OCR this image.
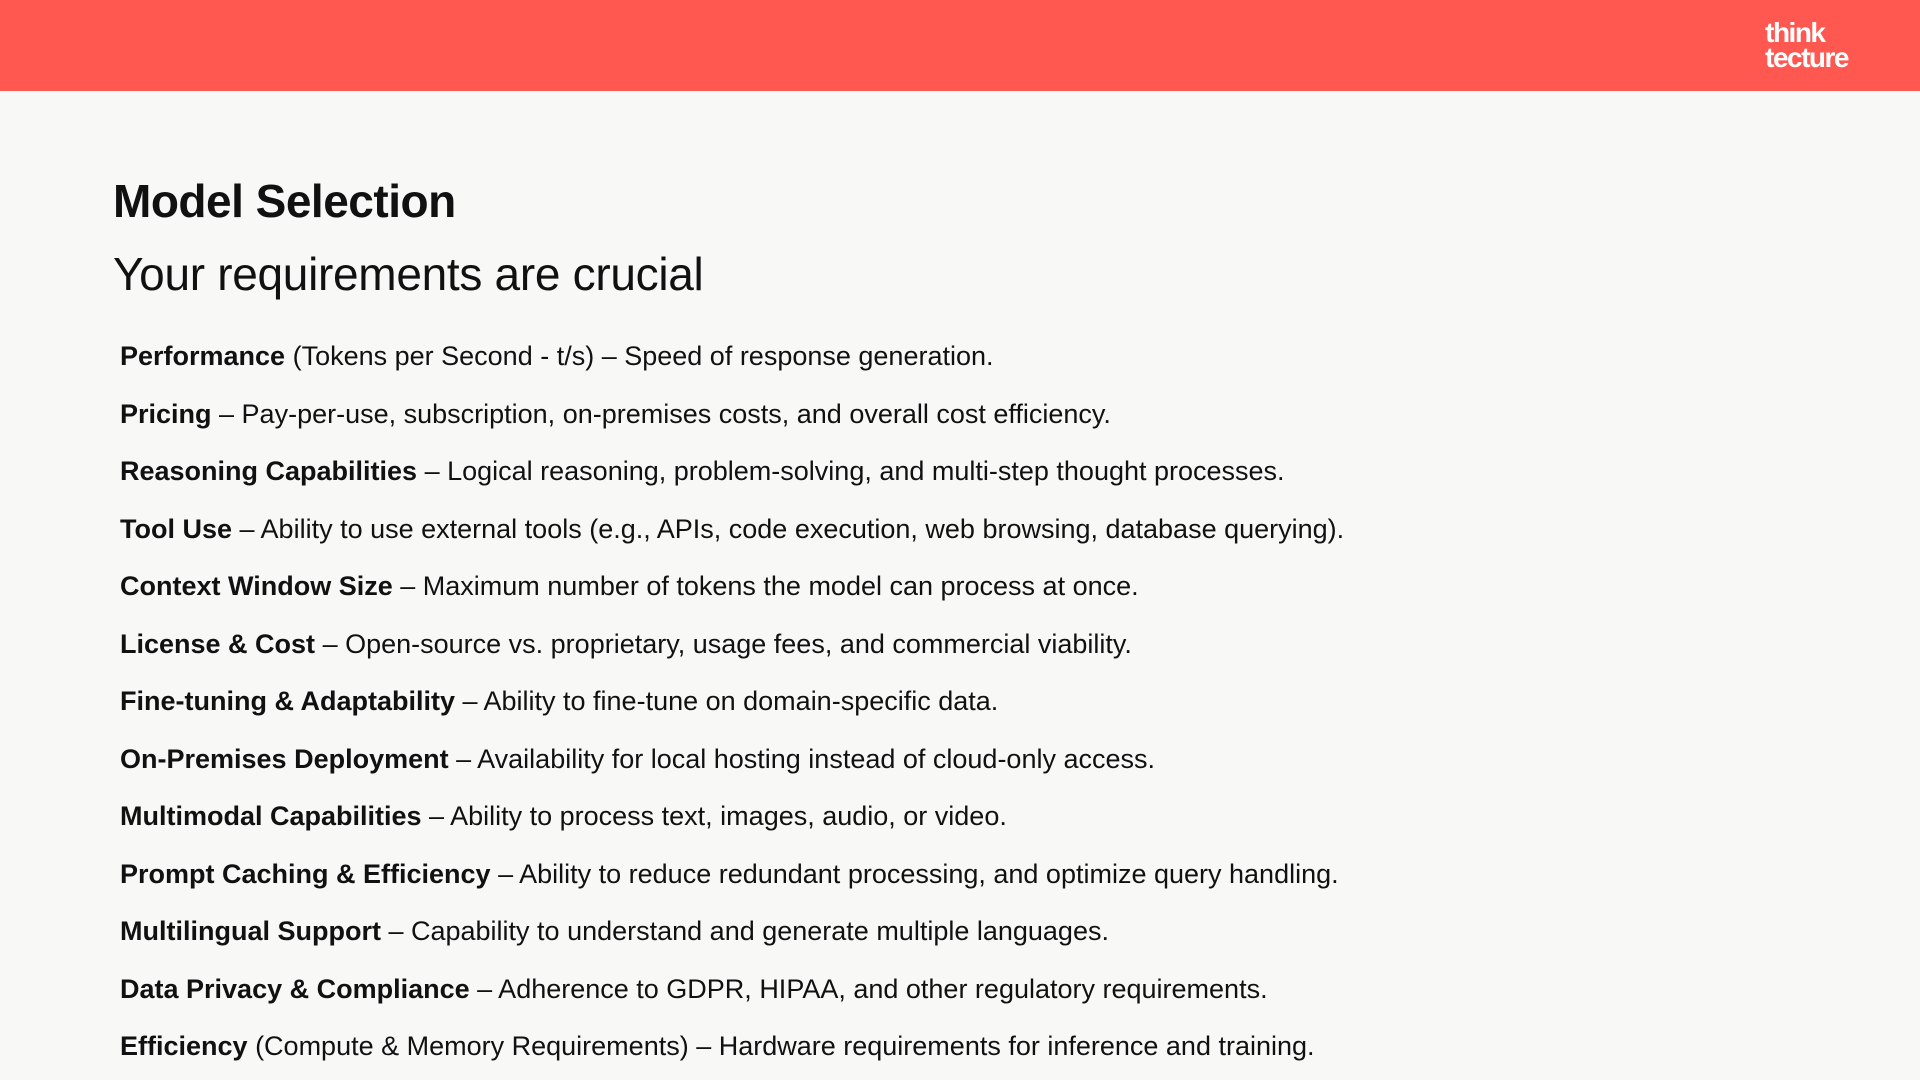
think
tecture
Model Selection
Your requirements are crucial
Performance (Tokens per Second - t/s) – Speed of response generation.
Pricing – Pay-per-use, subscription, on-premises costs, and overall cost efficiency.
Reasoning Capabilities – Logical reasoning, problem-solving, and multi-step thought processes.
Tool Use – Ability to use external tools (e.g., APIs, code execution, web browsing, database querying).
Context Window Size – Maximum number of tokens the model can process at once.
License & Cost – Open-source vs. proprietary, usage fees, and commercial viability.
Fine-tuning & Adaptability – Ability to fine-tune on domain-specific data.
On-Premises Deployment – Availability for local hosting instead of cloud-only access.
Multimodal Capabilities – Ability to process text, images, audio, or video.
Prompt Caching & Efficiency – Ability to reduce redundant processing, and optimize query handling.
Multilingual Support – Capability to understand and generate multiple languages.
Data Privacy & Compliance – Adherence to GDPR, HIPAA, and other regulatory requirements.
Efficiency (Compute & Memory Requirements) – Hardware requirements for inference and training.
